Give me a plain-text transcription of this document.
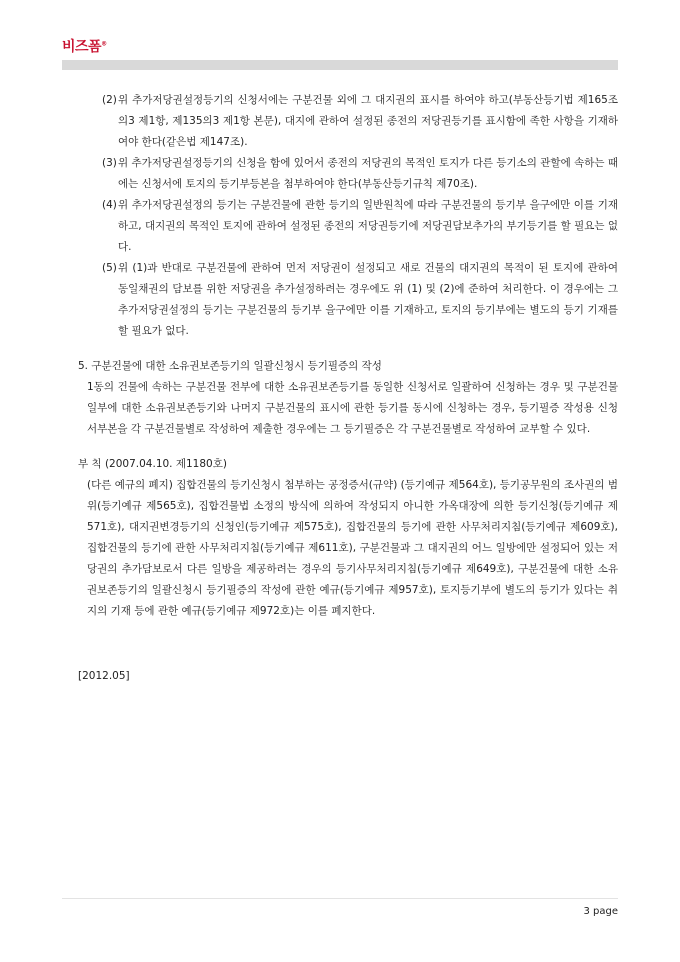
비즈폼®
(2) 위 추가저당권설정등기의 신청서에는 구분건물 외에 그 대지권의 표시를 하여야 하고(부동산등기법 제165조의3 제1항, 제135의3 제1항 본문), 대지에 관하여 설정된 종전의 저당권등기를 표시함에 족한 사항을 기재하여야 한다(같은법 제147조).
(3) 위 추가저당권설정등기의 신청을 함에 있어서 종전의 저당권의 목적인 토지가 다른 등기소의 관할에 속하는 때에는 신청서에 토지의 등기부등본을 첨부하여야 한다(부동산등기규칙 제70조).
(4) 위 추가저당권설정의 등기는 구분건물에 관한 등기의 일반원칙에 따라 구분건물의 등기부 을구에만 이를 기재하고, 대지권의 목적인 토지에 관하여 설정된 종전의 저당권등기에 저당권담보추가의 부기등기를 할 필요는 없다.
(5) 위 (1)과 반대로 구분건물에 관하여 먼저 저당권이 설정되고 새로 건물의 대지권의 목적이 된 토지에 관하여 동일채권의 담보를 위한 저당권을 추가설정하려는 경우에도 위 (1) 및 (2)에 준하여 처리한다. 이 경우에는 그 추가저당권설정의 등기는 구분건물의 등기부 을구에만 이를 기재하고, 토지의 등기부에는 별도의 등기 기재를 할 필요가 없다.
5. 구분건물에 대한 소유권보존등기의 일괄신청시 등기필증의 작성
1동의 건물에 속하는 구분건물 전부에 대한 소유권보존등기를 동일한 신청서로 일괄하여 신청하는 경우 및 구분건물 일부에 대한 소유권보존등기와 나머지 구분건물의 표시에 관한 등기를 동시에 신청하는 경우, 등기필증 작성용 신청서부본을 각 구분건물별로 작성하여 제출한 경우에는 그 등기필증은 각 구분건물별로 작성하여 교부할 수 있다.
부 칙 (2007.04.10. 제1180호)
(다른 예규의 폐지) 집합건물의 등기신청시 첨부하는 공정증서(규약) (등기예규 제564호), 등기공무원의 조사권의 범위(등기예규 제565호), 집합건물법 소정의 방식에 의하여 작성되지 아니한 가옥대장에 의한 등기신청(등기예규 제571호), 대지권변경등기의 신청인(등기예규 제575호), 집합건물의 등기에 관한 사무처리지침(등기예규 제609호), 집합건물의 등기에 관한 사무처리지침(등기예규 제611호), 구분건물과 그 대지권의 어느 일방에만 설정되어 있는 저당권의 추가담보로서 다른 일방을 제공하려는 경우의 등기사무처리지침(등기예규 제649호), 구분건물에 대한 소유권보존등기의 일괄신청시 등기필증의 작성에 관한 예규(등기예규 제957호), 토지등기부에 별도의 등기가 있다는 취지의 기재 등에 관한 예규(등기예규 제972호)는 이를 폐지한다.
[2012.05]
3 page
